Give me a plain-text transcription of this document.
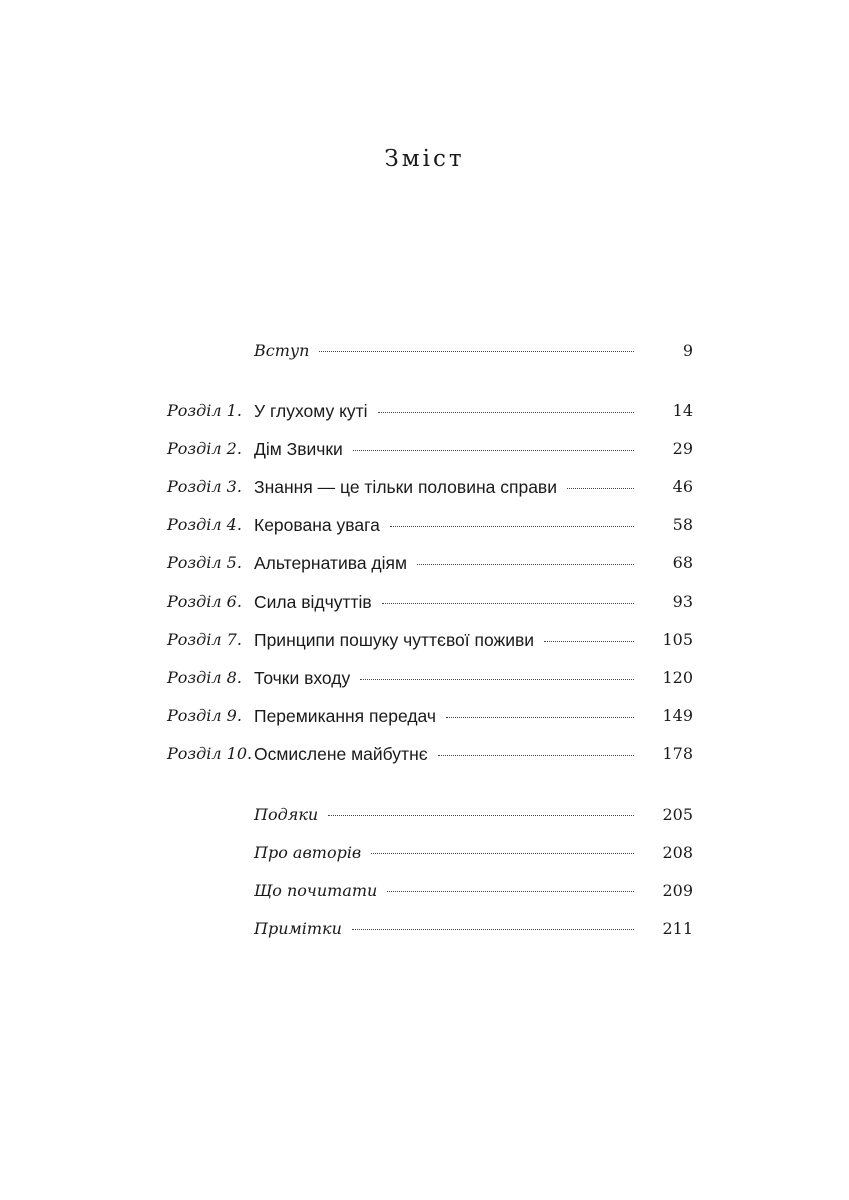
Зміст
Вступ	9
Розділ 1. У глухому куті	14
Розділ 2. Дім Звички	29
Розділ 3. Знання — це тільки половина справи	46
Розділ 4. Керована увага	58
Розділ 5. Альтернатива діям	68
Розділ 6. Сила відчуттів	93
Розділ 7. Принципи пошуку чуттєвої поживи	105
Розділ 8. Точки входу	120
Розділ 9. Перемикання передач	149
Розділ 10. Осмислене майбутнє	178
Подяки	205
Про авторів	208
Що почитати	209
Примітки	211
